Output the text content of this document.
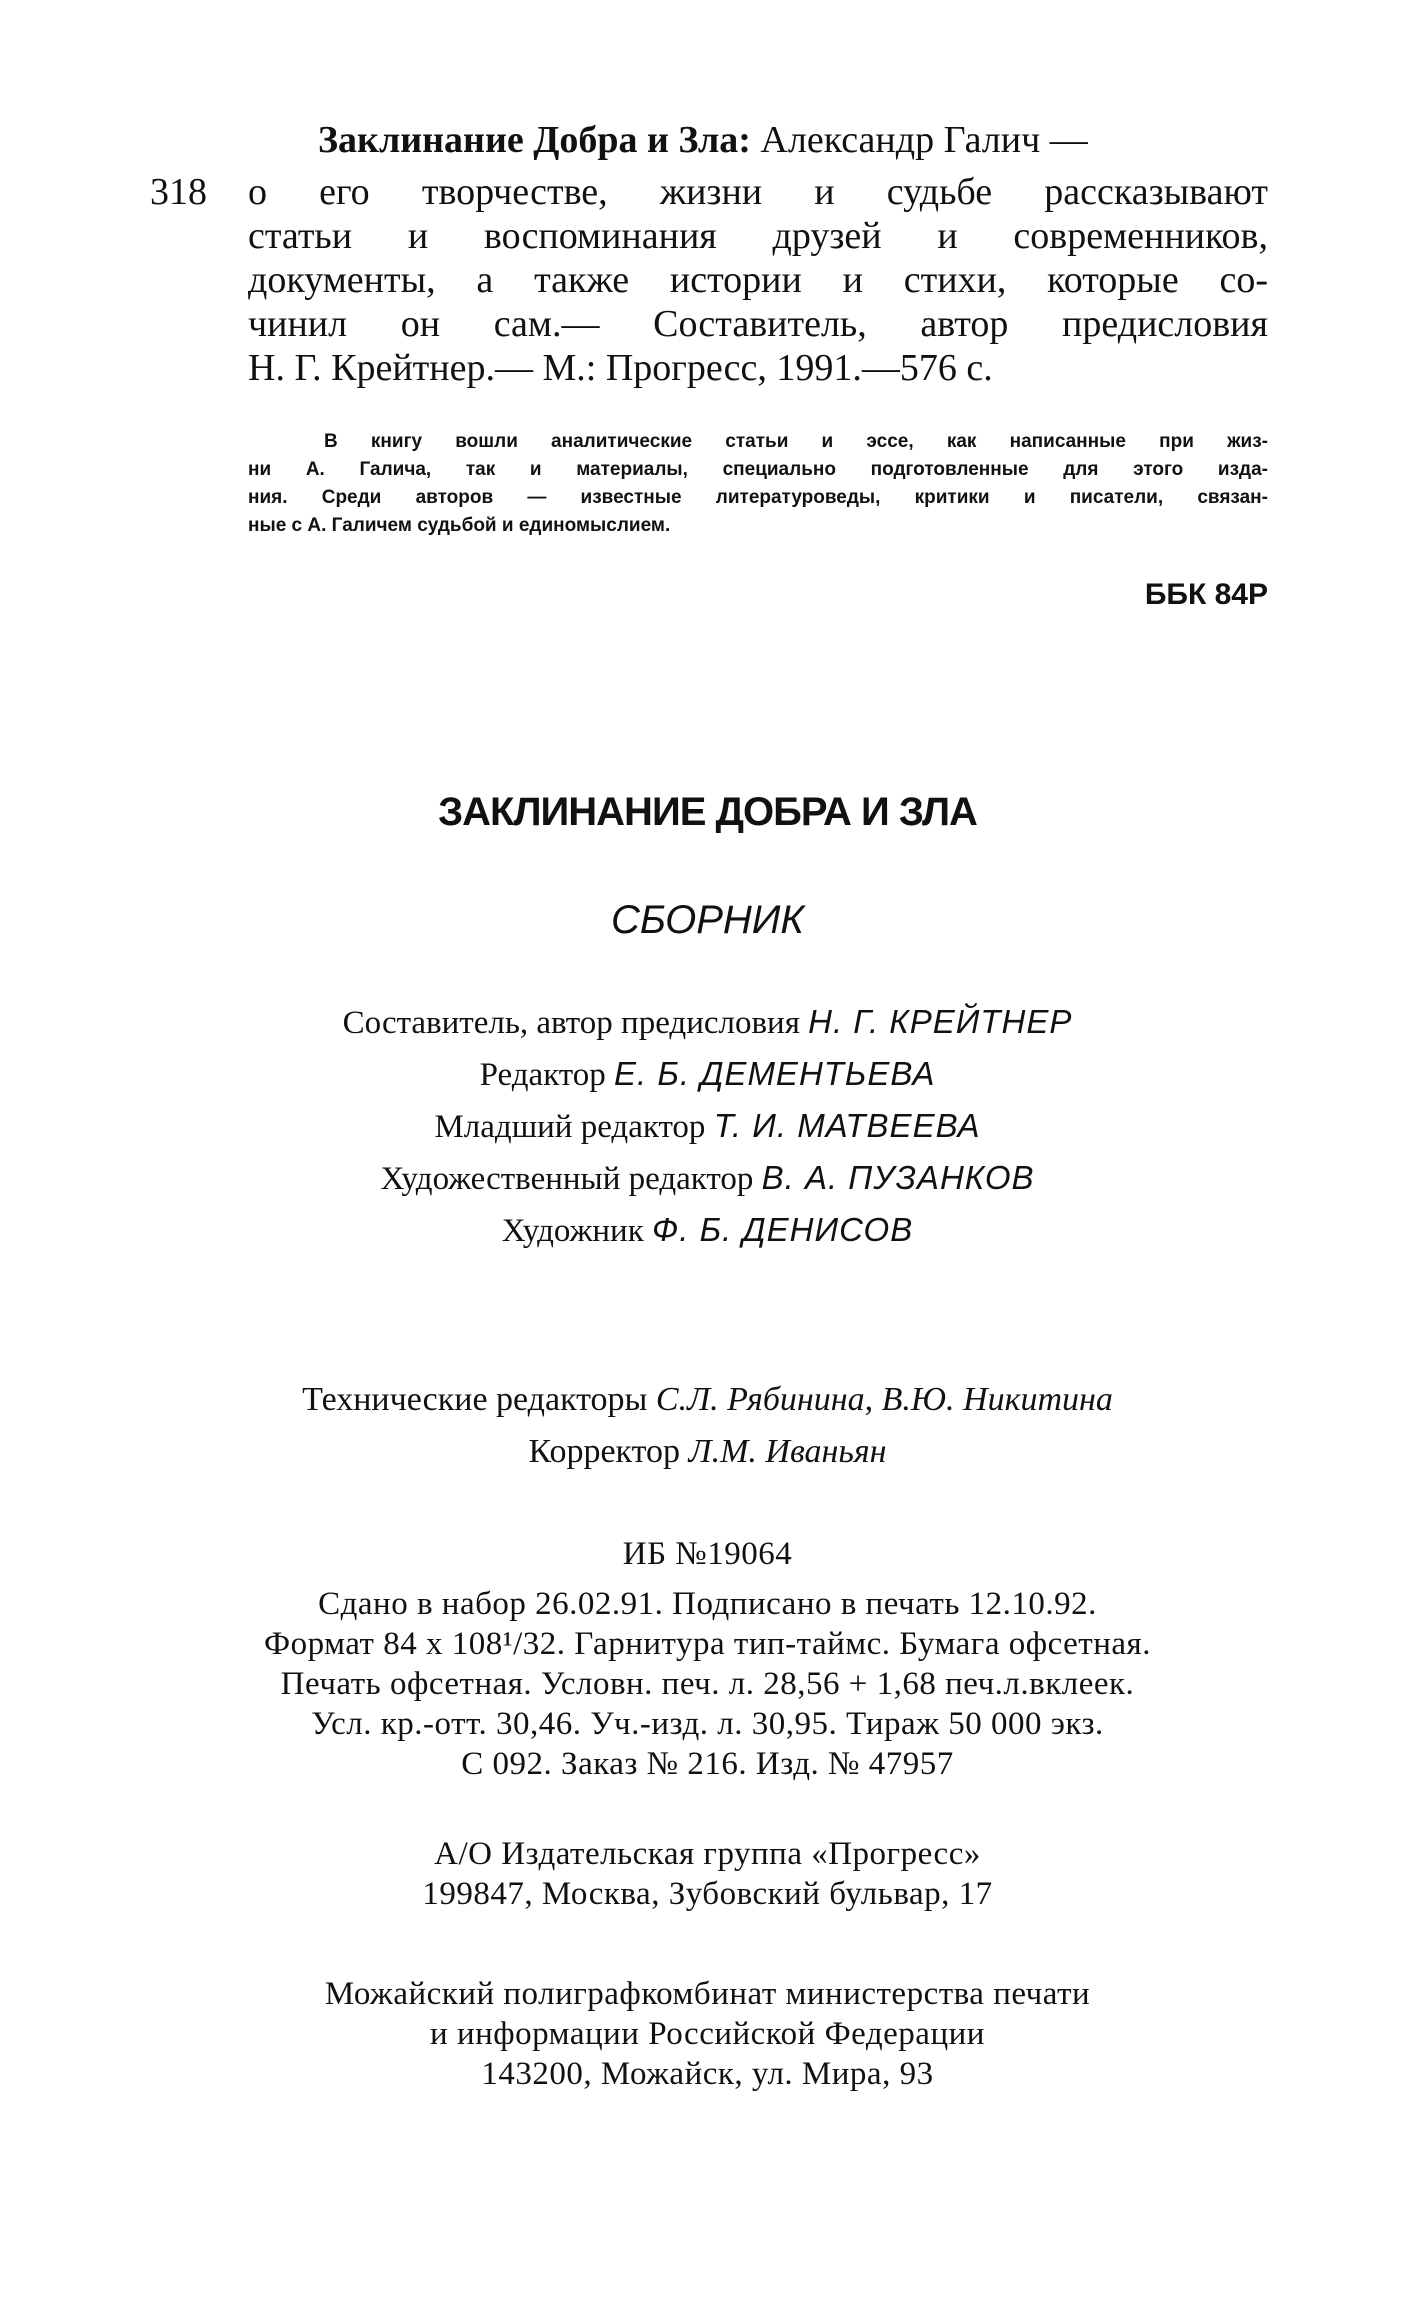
318
Заклинание Добра и Зла: Александр Галич —
о его творчестве, жизни и судьбе рассказывают
статьи и воспоминания друзей и современников,
документы, а также истории и стихи, которые со-
чинил он сам.— Составитель, автор предисловия
Н. Г. Крейтнер.— М.: Прогресс, 1991.—576 с.
В книгу вошли аналитические статьи и эссе, как написанные при жиз-
ни А. Галича, так и материалы, специально подготовленные для этого изда-
ния. Среди авторов — известные литературоведы, критики и писатели, связан-
ные с А. Галичем судьбой и единомыслием.
ББК 84Р
ЗАКЛИНАНИЕ ДОБРА И ЗЛА
СБОРНИК
Составитель, автор предисловия Н. Г. КРЕЙТНЕР
Редактор Е. Б. ДЕМЕНТЬЕВА
Младший редактор Т. И. МАТВЕЕВА
Художественный редактор В. А. ПУЗАНКОВ
Художник Ф. Б. ДЕНИСОВ
Технические редакторы С.Л. Рябинина, В.Ю. Никитина
Корректор Л.М. Иваньян
ИБ №19064
Сдано в набор 26.02.91. Подписано в печать 12.10.92.
Формат 84 х 108¹/32. Гарнитура тип-таймс. Бумага офсетная.
Печать офсетная. Условн. печ. л. 28,56 + 1,68 печ.л.вклеек.
Усл. кр.-отт. 30,46. Уч.-изд. л. 30,95. Тираж 50 000 экз.
С 092. Заказ № 216. Изд. № 47957
А/О Издательская группа «Прогресс»
199847, Москва, Зубовский бульвар, 17
Можайский полиграфкомбинат министерства печати
и информации Российской Федерации
143200, Можайск, ул. Мира, 93
